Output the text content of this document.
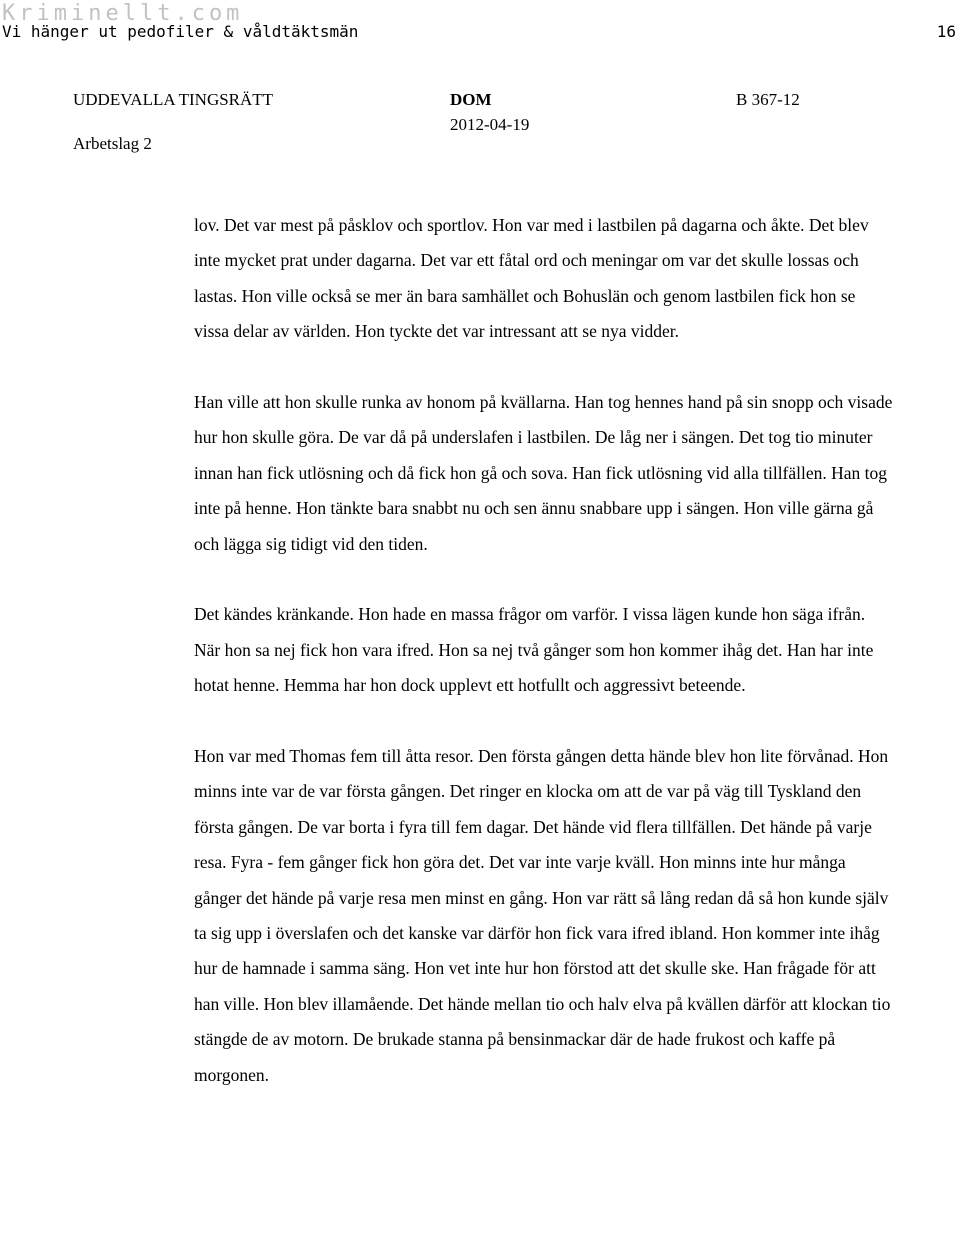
Kriminellt.com
Vi hänger ut pedofiler & våldtäktsmän	16
UDDEVALLA TINGSRÄTT
Arbetslag 2
DOM
2012-04-19
B 367-12

lov. Det var mest på påsklov och sportlov. Hon var med i lastbilen på dagarna och åkte. Det blev inte mycket prat under dagarna. Det var ett fåtal ord och meningar om var det skulle lossas och lastas. Hon ville också se mer än bara samhället och Bohuslän och genom lastbilen fick hon se vissa delar av världen. Hon tyckte det var intressant att se nya vidder.

Han ville att hon skulle runka av honom på kvällarna. Han tog hennes hand på sin snopp och visade hur hon skulle göra. De var då på underslafen i lastbilen. De låg ner i sängen. Det tog tio minuter innan han fick utlösning och då fick hon gå och sova. Han fick utlösning vid alla tillfällen. Han tog inte på henne. Hon tänkte bara snabbt nu och sen ännu snabbare upp i sängen. Hon ville gärna gå och lägga sig tidigt vid den tiden.

Det kändes kränkande. Hon hade en massa frågor om varför. I vissa lägen kunde hon säga ifrån. När hon sa nej fick hon vara ifred. Hon sa nej två gånger som hon kommer ihåg det. Han har inte hotat henne. Hemma har hon dock upplevt ett hotfullt och aggressivt beteende.

Hon var med Thomas fem till åtta resor. Den första gången detta hände blev hon lite förvånad. Hon minns inte var de var första gången. Det ringer en klocka om att de var på väg till Tyskland den första gången. De var borta i fyra till fem dagar. Det hände vid flera tillfällen. Det hände på varje resa. Fyra - fem gånger fick hon göra det. Det var inte varje kväll. Hon minns inte hur många gånger det hände på varje resa men minst en gång. Hon var rätt så lång redan då så hon kunde själv ta sig upp i överslafen och det kanske var därför hon fick vara ifred ibland. Hon kommer inte ihåg hur de hamnade i samma säng. Hon vet inte hur hon förstod att det skulle ske. Han frågade för att han ville. Hon blev illamående. Det hände mellan tio och halv elva på kvällen därför att klockan tio stängde de av motorn. De brukade stanna på bensinmackar där de hade frukost och kaffe på morgonen.
